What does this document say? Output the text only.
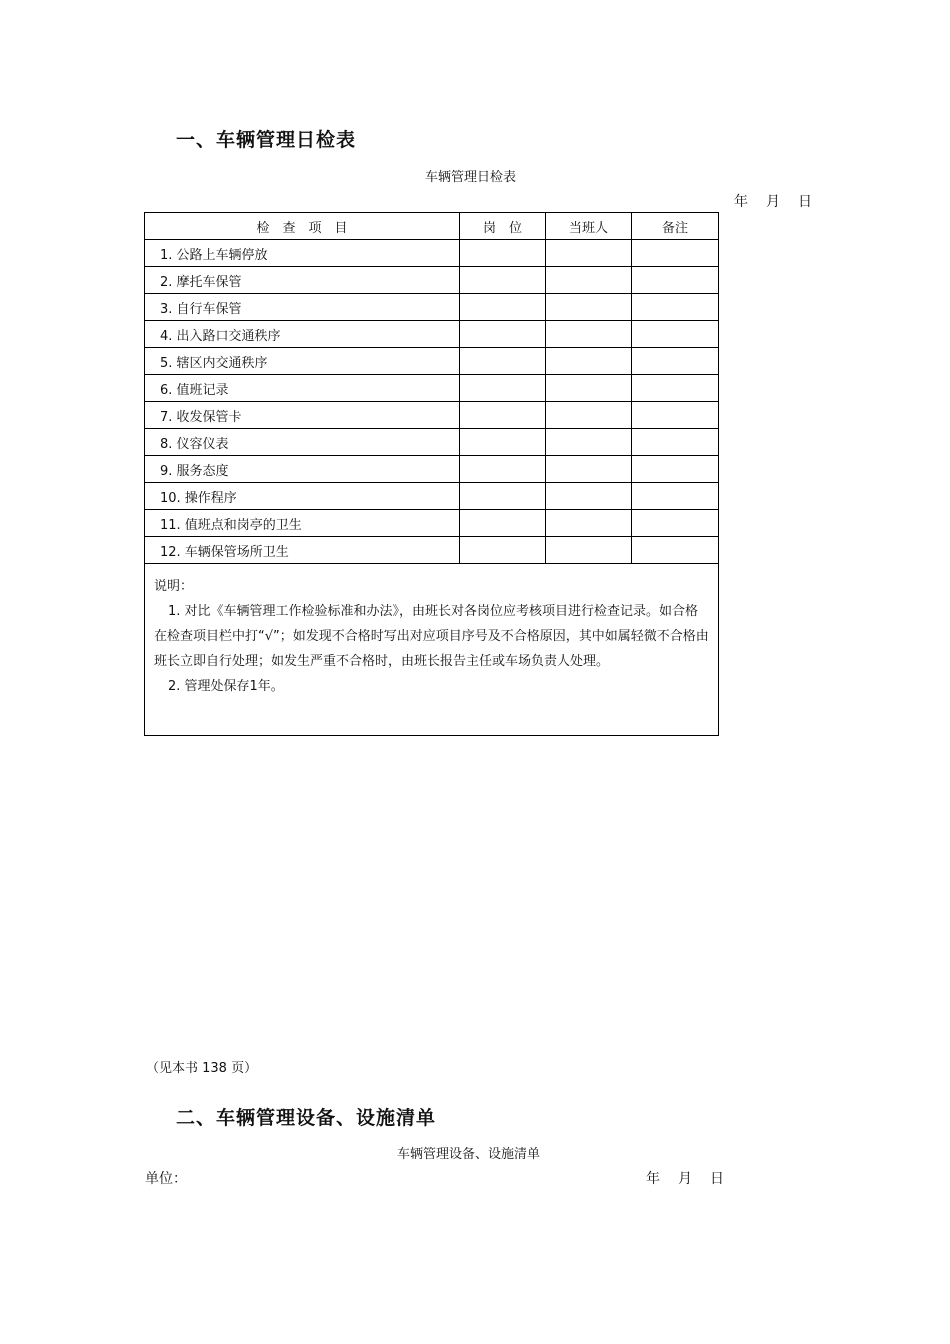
一、车辆管理日检表
车辆管理日检表
年　月　日
检　查　项　目	岗　位	当班人	备注
1. 公路上车辆停放			
2. 摩托车保管			
3. 自行车保管			
4. 出入路口交通秩序			
5. 辖区内交通秩序			
6. 值班记录			
7. 收发保管卡			
8. 仪容仪表			
9. 服务态度			
10. 操作程序			
11. 值班点和岗亭的卫生			
12. 车辆保管场所卫生			

说明：
1. 对比《车辆管理工作检验标准和办法》，由班长对各岗位应考核项目进行检查记录。如合格在检查项目栏中打“√”；如发现不合格时写出对应项目序号及不合格原因，其中如属轻微不合格由班长立即自行处理；如发生严重不合格时，由班长报告主任或车场负责人处理。
2. 管理处保存1年。			
（见本书 138 页）
二、车辆管理设备、设施清单
车辆管理设备、设施清单
单位：	年　月　日
